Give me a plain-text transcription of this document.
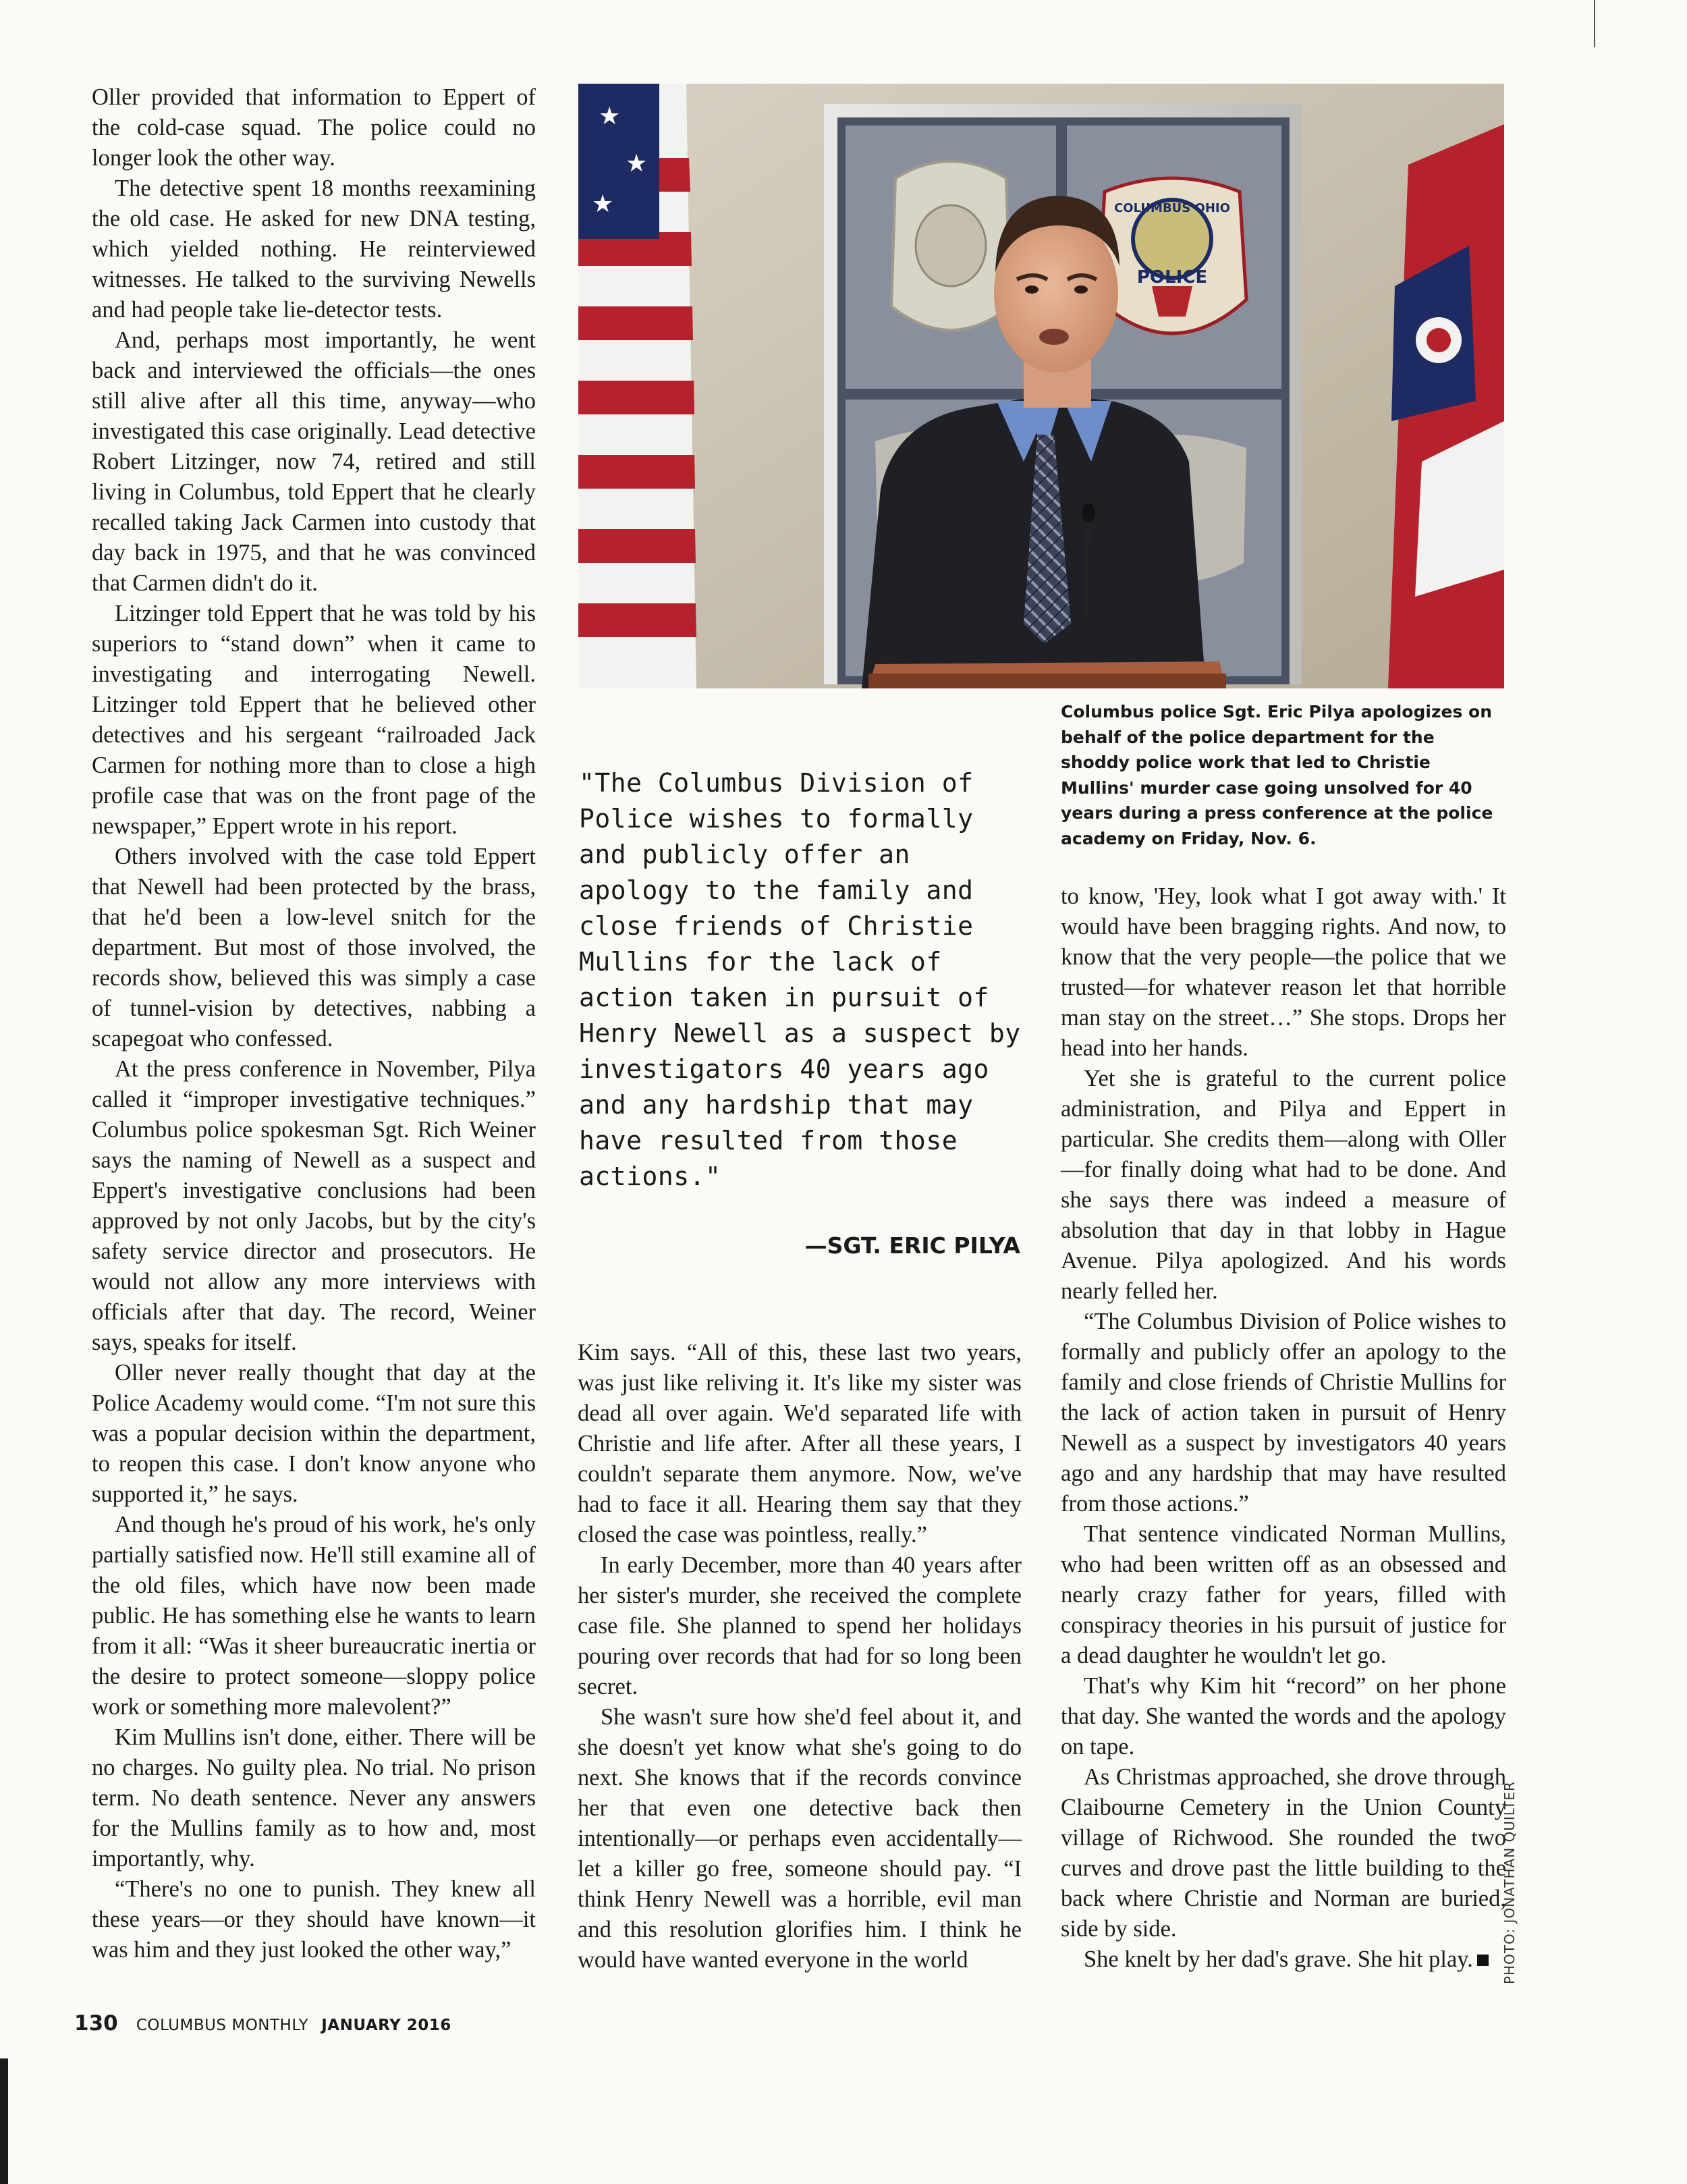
Oller provided that information to Eppert of the cold-case squad. The police could no longer look the other way.

The detective spent 18 months reexamining the old case. He asked for new DNA testing, which yielded nothing. He reinterviewed witnesses. He talked to the surviving Newells and had people take lie-detector tests.

And, perhaps most importantly, he went back and interviewed the officials—the ones still alive after all this time, anyway—who investigated this case originally. Lead detective Robert Litzinger, now 74, retired and still living in Columbus, told Eppert that he clearly recalled taking Jack Carmen into custody that day back in 1975, and that he was convinced that Carmen didn't do it.

Litzinger told Eppert that he was told by his superiors to “stand down” when it came to investigating and interrogating Newell. Litzinger told Eppert that he believed other detectives and his sergeant “railroaded Jack Carmen for nothing more than to close a high profile case that was on the front page of the newspaper,” Eppert wrote in his report.

Others involved with the case told Eppert that Newell had been protected by the brass, that he'd been a low-level snitch for the department. But most of those involved, the records show, believed this was simply a case of tunnel-vision by detectives, nabbing a scapegoat who confessed.

At the press conference in November, Pilya called it “improper investigative techniques.” Columbus police spokesman Sgt. Rich Weiner says the naming of Newell as a suspect and Eppert's investigative conclusions had been approved by not only Jacobs, but by the city's safety service director and prosecutors. He would not allow any more interviews with officials after that day. The record, Weiner says, speaks for itself.

Oller never really thought that day at the Police Academy would come. “I'm not sure this was a popular decision within the department, to reopen this case. I don't know anyone who supported it,” he says.

And though he's proud of his work, he's only partially satisfied now. He'll still examine all of the old files, which have now been made public. He has something else he wants to learn from it all: “Was it sheer bureaucratic inertia or the desire to protect someone—sloppy police work or something more malevolent?”

Kim Mullins isn't done, either. There will be no charges. No guilty plea. No trial. No prison term. No death sentence. Never any answers for the Mullins family as to how and, most importantly, why.

“There's no one to punish. They knew all these years—or they should have known—it was him and they just looked the other way,”

COLUMBUS OHIO
POLICE
★
★
★
Columbus police Sgt. Eric Pilya apologizes on behalf of the police department for the shoddy police work that led to Christie Mullins' murder case going unsolved for 40 years during a press conference at the police academy on Friday, Nov. 6.
"The Columbus Division of Police wishes to formally and publicly offer an apology to the family and close friends of Christie Mullins for the lack of action taken in pursuit of Henry Newell as a suspect by investigators 40 years ago and any hardship that may have resulted from those actions."
—SGT. ERIC PILYA

Kim says. “All of this, these last two years, was just like reliving it. It's like my sister was dead all over again. We'd separated life with Christie and life after. After all these years, I couldn't separate them anymore. Now, we've had to face it all. Hearing them say that they closed the case was pointless, really.”

In early December, more than 40 years after her sister's murder, she received the complete case file. She planned to spend her holidays pouring over records that had for so long been secret.

She wasn't sure how she'd feel about it, and she doesn't yet know what she's going to do next. She knows that if the records convince her that even one detective back then intentionally—or perhaps even accidentally—let a killer go free, someone should pay. “I think Henry Newell was a horrible, evil man and this resolution glorifies him. I think he would have wanted everyone in the world

to know, 'Hey, look what I got away with.' It would have been bragging rights. And now, to know that the very people—the police that we trusted—for whatever reason let that horrible man stay on the street…” She stops. Drops her head into her hands.

Yet she is grateful to the current police administration, and Pilya and Eppert in particular. She credits them—along with Oller—for finally doing what had to be done. And she says there was indeed a measure of absolution that day in that lobby in Hague Avenue. Pilya apologized. And his words nearly felled her.

“The Columbus Division of Police wishes to formally and publicly offer an apology to the family and close friends of Christie Mullins for the lack of action taken in pursuit of Henry Newell as a suspect by investigators 40 years ago and any hardship that may have resulted from those actions.”

That sentence vindicated Norman Mullins, who had been written off as an obsessed and nearly crazy father for years, filled with conspiracy theories in his pursuit of justice for a dead daughter he wouldn't let go.

That's why Kim hit “record” on her phone that day. She wanted the words and the apology on tape.

As Christmas approached, she drove through Claibourne Cemetery in the Union County village of Richwood. She rounded the two curves and drove past the little building to the back where Christie and Norman are buried, side by side.

She knelt by her dad's grave. She hit play.	PHOTO: JONATHAN QUILTER
130 COLUMBUS MONTHLY JANUARY 2016
